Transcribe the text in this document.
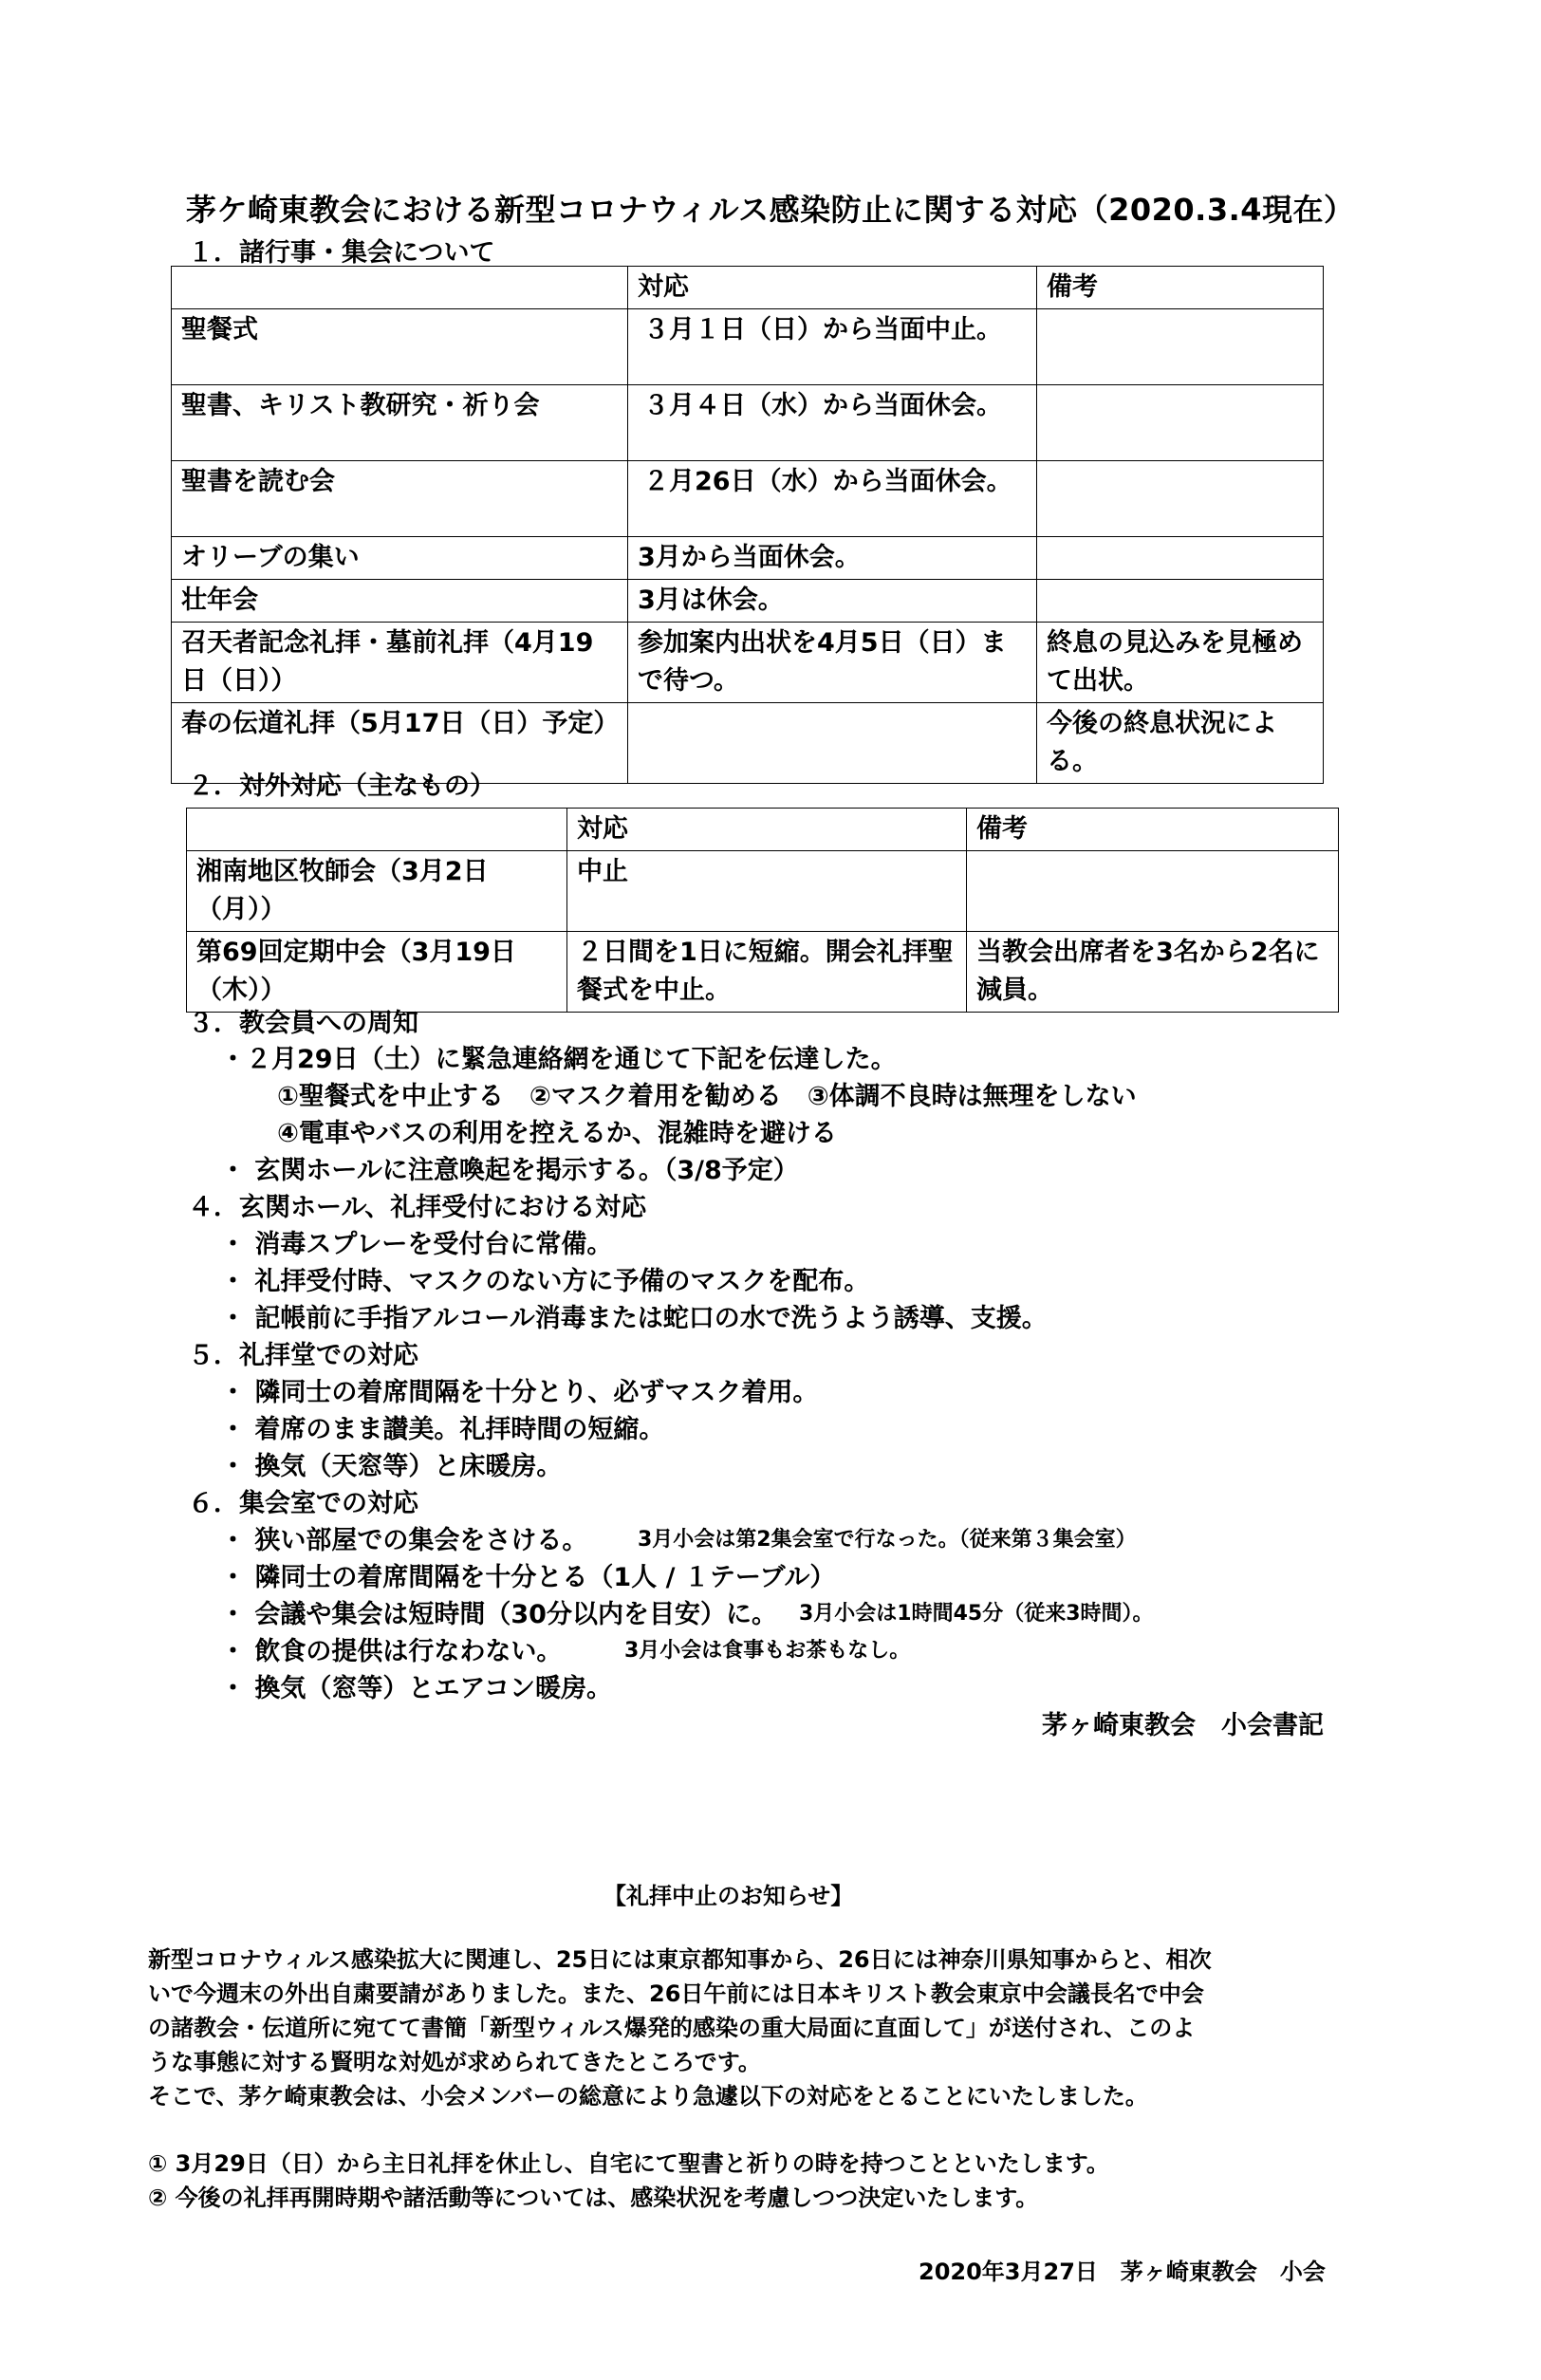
茅ケ崎東教会における新型コロナウィルス感染防止に関する対応（2020.3.4現在）
１．諸行事・集会について
	対応	備考
聖餐式	３月１日（日）から当面中止。	
聖書、キリスト教研究・祈り会	３月４日（水）から当面休会。	
聖書を読む会	２月26日（水）から当面休会。	
オリーブの集い	3月から当面休会。	
壮年会	3月は休会。	
召天者記念礼拝・墓前礼拝（4月19日（日））	参加案内出状を4月5日（日）まで待つ。	終息の見込みを見極めて出状。
春の伝道礼拝（5月17日（日）予定）		今後の終息状況による。
２．対外対応（主なもの）
	対応	備考
湘南地区牧師会（3月2日（月））	中止	
第69回定期中会（3月19日（木））	２日間を1日に短縮。開会礼拝聖餐式を中止。	当教会出席者を3名から2名に減員。
３．教会員への周知
・２月29日（土）に緊急連絡網を通じて下記を伝達した。
①聖餐式を中止する　②マスク着用を勧める　③体調不良時は無理をしない
④電車やバスの利用を控えるか、混雑時を避ける
・ 玄関ホールに注意喚起を掲示する。（3/8予定）
４．玄関ホール、礼拝受付における対応
・ 消毒スプレーを受付台に常備。
・ 礼拝受付時、マスクのない方に予備のマスクを配布。
・ 記帳前に手指アルコール消毒または蛇口の水で洗うよう誘導、支援。
５．礼拝堂での対応
・ 隣同士の着席間隔を十分とり、必ずマスク着用。
・ 着席のまま讃美。礼拝時間の短縮。
・ 換気（天窓等）と床暖房。
６．集会室での対応
・ 狭い部屋での集会をさける。 3月小会は第2集会室で行なった。（従来第３集会室）
・ 隣同士の着席間隔を十分とる（1人 / １テーブル）
・ 会議や集会は短時間（30分以内を目安）に。 3月小会は1時間45分（従来3時間）。
・ 飲食の提供は行なわない。	3月小会は食事もお茶もなし。
・ 換気（窓等）とエアコン暖房。
茅ヶ崎東教会　小会書記
【礼拝中止のお知らせ】
新型コロナウィルス感染拡大に関連し、25日には東京都知事から、26日には神奈川県知事からと、相次
いで今週末の外出自粛要請がありました。また、26日午前には日本キリスト教会東京中会議長名で中会
の諸教会・伝道所に宛てて書簡「新型ウィルス爆発的感染の重大局面に直面して」が送付され、このよ
うな事態に対する賢明な対処が求められてきたところです。
そこで、茅ケ崎東教会は、小会メンバーの総意により急遽以下の対応をとることにいたしました。
① 3月29日（日）から主日礼拝を休止し、自宅にて聖書と祈りの時を持つことといたします。
② 今後の礼拝再開時期や諸活動等については、感染状況を考慮しつつ決定いたします。
2020年3月27日　茅ヶ崎東教会　小会
